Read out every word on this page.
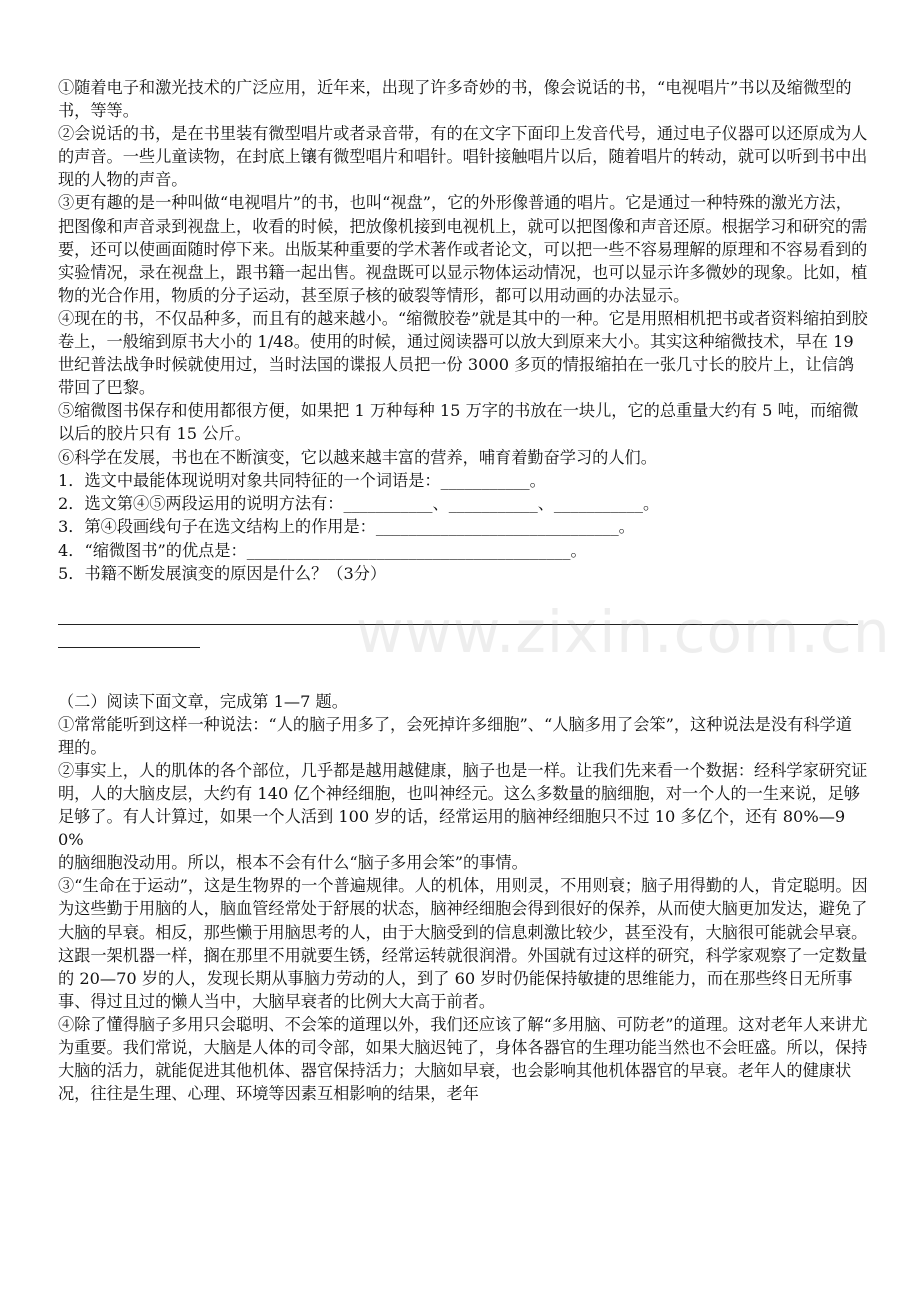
①随着电子和激光技术的广泛应用，近年来，出现了许多奇妙的书，像会说话的书，“电视唱片”书以及缩微型的书，等等。

②会说话的书，是在书里装有微型唱片或者录音带，有的在文字下面印上发音代号，通过电子仪器可以还原成为人的声音。一些儿童读物，在封底上镶有微型唱片和唱针。唱针接触唱片以后，随着唱片的转动，就可以听到书中出现的人物的声音。

③更有趣的是一种叫做“电视唱片”的书，也叫“视盘”，它的外形像普通的唱片。它是通过一种特殊的激光方法，把图像和声音录到视盘上，收看的时候，把放像机接到电视机上，就可以把图像和声音还原。根据学习和研究的需要，还可以使画面随时停下来。出版某种重要的学术著作或者论文，可以把一些不容易理解的原理和不容易看到的实验情况，录在视盘上，跟书籍一起出售。视盘既可以显示物体运动情况，也可以显示许多微妙的现象。比如，植物的光合作用，物质的分子运动，甚至原子核的破裂等情形，都可以用动画的办法显示。

④现在的书，不仅品种多，而且有的越来越小。“缩微胶卷”就是其中的一种。它是用照相机把书或者资料缩拍到胶卷上，一般缩到原书大小的 1/48。使用的时候，通过阅读器可以放大到原来大小。其实这种缩微技术，早在 19 世纪普法战争时候就使用过，当时法国的谍报人员把一份 3000 多页的情报缩拍在一张几寸长的胶片上，让信鸽带回了巴黎。

⑤缩微图书保存和使用都很方便，如果把 1 万种每种 15 万字的书放在一块儿，它的总重量大约有 5 吨，而缩微以后的胶片只有 15 公斤。

⑥科学在发展，书也在不断演变，它以越来越丰富的营养，哺育着勤奋学习的人们。

1．选文中最能体现说明对象共同特征的一个词语是：___________。

2．选文第④⑤两段运用的说明方法有：___________、___________、___________。

3．第④段画线句子在选文结构上的作用是：______________________________。

4．“缩微图书”的优点是：________________________________________。

5．书籍不断发展演变的原因是什么？（3分）

（二）阅读下面文章，完成第 1—7 题。

①常常能听到这样一种说法：“人的脑子用多了，会死掉许多细胞”、“人脑多用了会笨”，这种说法是没有科学道理的。

②事实上，人的肌体的各个部位，几乎都是越用越健康，脑子也是一样。让我们先来看一个数据：经科学家研究证明，人的大脑皮层，大约有 140 亿个神经细胞，也叫神经元。这么多数量的脑细胞，对一个人的一生来说，足够足够了。有人计算过，如果一个人活到 100 岁的话，经常运用的脑神经细胞只不过 10 多亿个，还有 80%—90%

的脑细胞没动用。所以，根本不会有什么“脑子多用会笨”的事情。

③“生命在于运动”，这是生物界的一个普遍规律。人的机体，用则灵，不用则衰；脑子用得勤的人，肯定聪明。因为这些勤于用脑的人，脑血管经常处于舒展的状态，脑神经细胞会得到很好的保养，从而使大脑更加发达，避免了大脑的早衰。相反，那些懒于用脑思考的人，由于大脑受到的信息刺激比较少，甚至没有，大脑很可能就会早衰。这跟一架机器一样，搁在那里不用就要生锈，经常运转就很润滑。外国就有过这样的研究，科学家观察了一定数量的 20—70 岁的人，发现长期从事脑力劳动的人，到了 60 岁时仍能保持敏捷的思维能力，而在那些终日无所事事、得过且过的懒人当中，大脑早衰者的比例大大高于前者。

④除了懂得脑子多用只会聪明、不会笨的道理以外，我们还应该了解“多用脑、可防老”的道理。这对老年人来讲尤为重要。我们常说，大脑是人体的司令部，如果大脑迟钝了，身体各器官的生理功能当然也不会旺盛。所以，保持大脑的活力，就能促进其他机体、器官保持活力；大脑如早衰，也会影响其他机体器官的早衰。老年人的健康状况，往往是生理、心理、环境等因素互相影响的结果，老年

www.zixin.com.cn
